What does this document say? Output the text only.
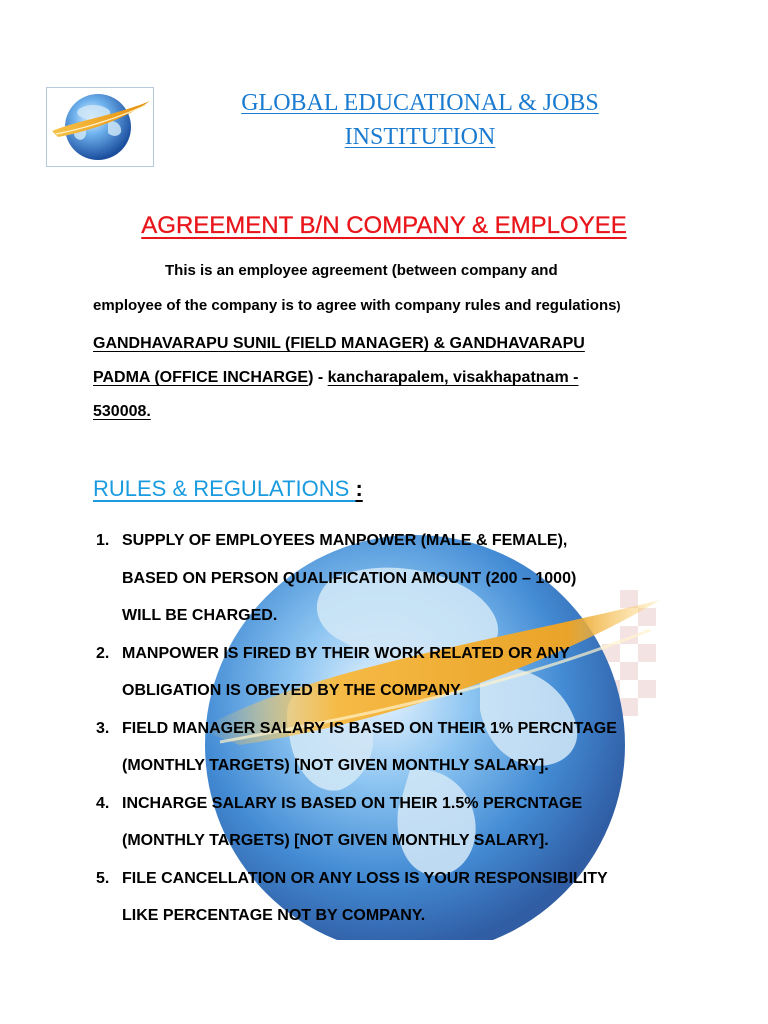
GLOBAL EDUCATIONAL & JOBS
INSTITUTION
AGREEMENT B/N COMPANY & EMPLOYEE
This is an employee agreement (between company and
employee of the company is to agree with company rules and regulations)
GANDHAVARAPU SUNIL (FIELD MANAGER) & GANDHAVARAPU
PADMA (OFFICE INCHARGE) - kancharapalem, visakhapatnam -
530008.
RULES & REGULATIONS :
1. SUPPLY OF EMPLOYEES MANPOWER (MALE & FEMALE),
BASED ON PERSON QUALIFICATION AMOUNT (200 – 1000)
WILL BE CHARGED.
2. MANPOWER IS FIRED BY THEIR WORK RELATED OR ANY
OBLIGATION IS OBEYED BY THE COMPANY.
3. FIELD MANAGER SALARY IS BASED ON THEIR 1% PERCNTAGE
(MONTHLY TARGETS) [NOT GIVEN MONTHLY SALARY].
4. INCHARGE SALARY IS BASED ON THEIR 1.5% PERCNTAGE
(MONTHLY TARGETS) [NOT GIVEN MONTHLY SALARY].
5. FILE CANCELLATION OR ANY LOSS IS YOUR RESPONSIBILITY
LIKE PERCENTAGE NOT BY COMPANY.
